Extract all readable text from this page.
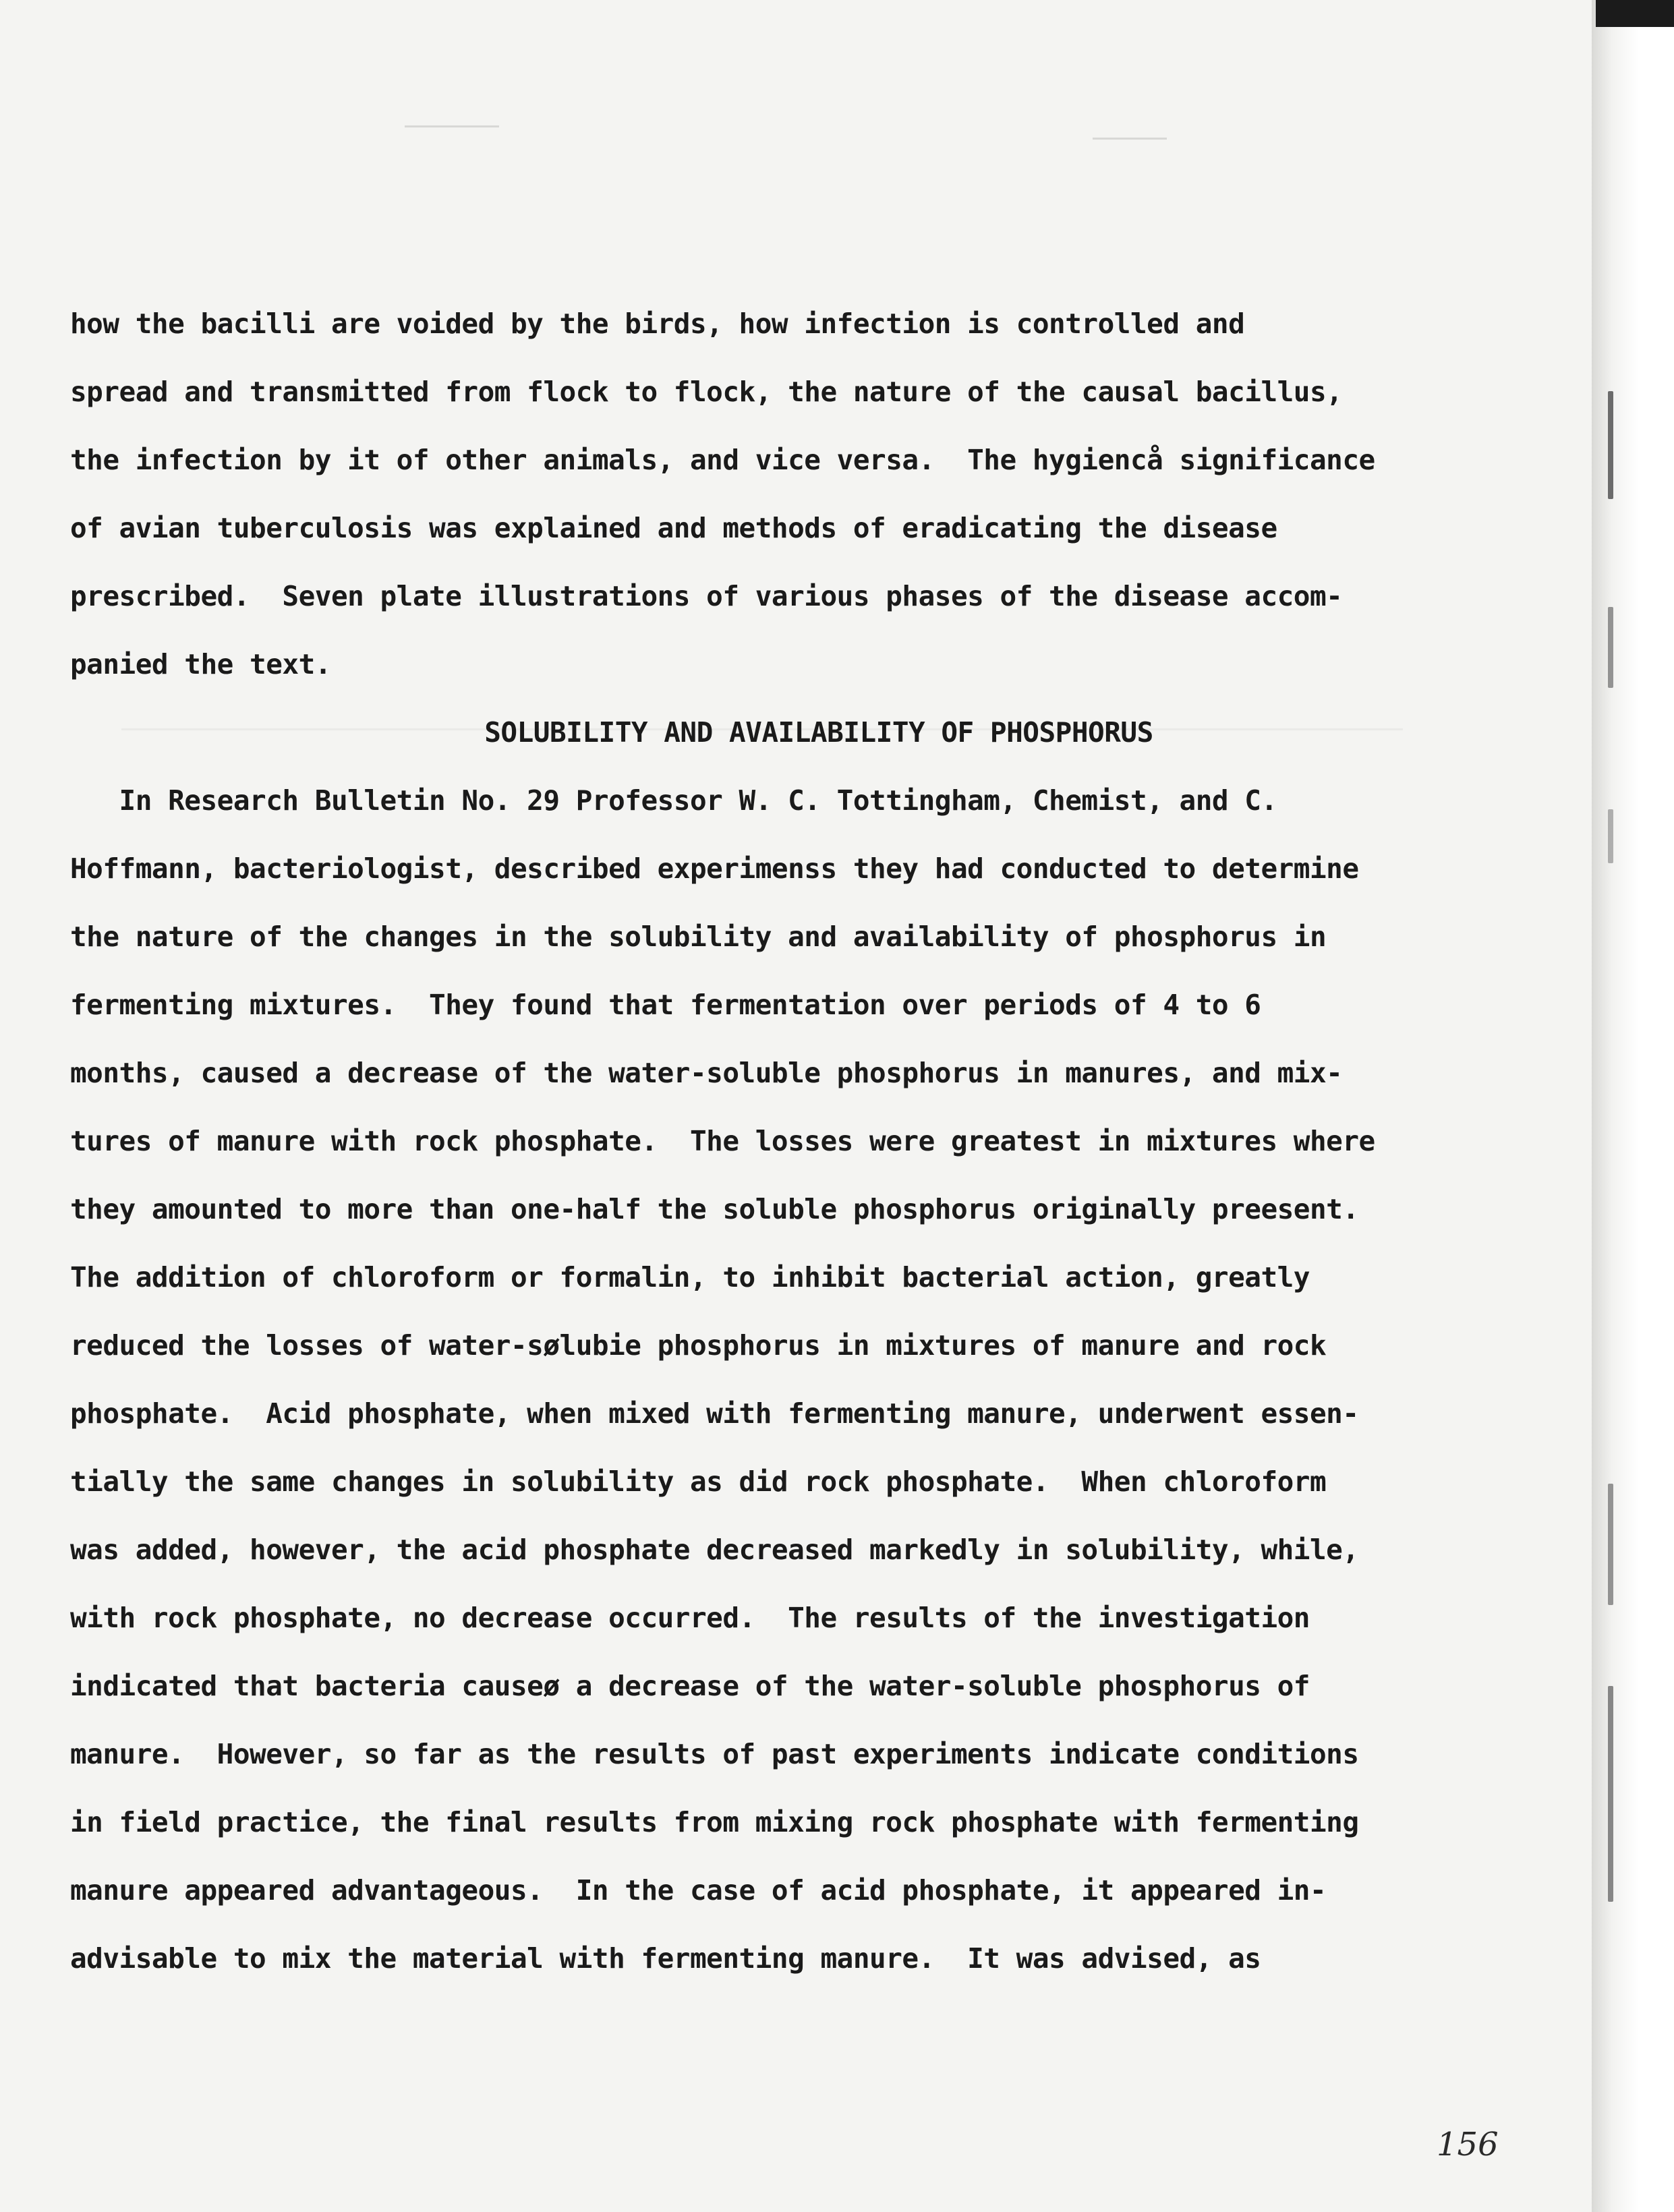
how the bacilli are voided by the birds, how infection is controlled and
spread and transmitted from flock to flock, the nature of the causal bacillus,
the infection by it of other animals, and vice versa.  The hygiencå significance
of avian tuberculosis was explained and methods of eradicating the disease
prescribed.  Seven plate illustrations of various phases of the disease accom-
panied the text.
SOLUBILITY AND AVAILABILITY OF PHOSPHORUS
In Research Bulletin No. 29 Professor W. C. Tottingham, Chemist, and C.
Hoffmann, bacteriologist, described experimenss they had conducted to determine
the nature of the changes in the solubility and availability of phosphorus in
fermenting mixtures.  They found that fermentation over periods of 4 to 6
months, caused a decrease of the water-soluble phosphorus in manures, and mix-
tures of manure with rock phosphate.  The losses were greatest in mixtures where
they amounted to more than one-half the soluble phosphorus originally preesent.
The addition of chloroform or formalin, to inhibit bacterial action, greatly
reduced the losses of water-sølubie phosphorus in mixtures of manure and rock
phosphate.  Acid phosphate, when mixed with fermenting manure, underwent essen-
tially the same changes in solubility as did rock phosphate.  When chloroform
was added, however, the acid phosphate decreased markedly in solubility, while,
with rock phosphate, no decrease occurred.  The results of the investigation
indicated that bacteria causeø a decrease of the water-soluble phosphorus of
manure.  However, so far as the results of past experiments indicate conditions
in field practice, the final results from mixing rock phosphate with fermenting
manure appeared advantageous.  In the case of acid phosphate, it appeared in-
advisable to mix the material with fermenting manure.  It was advised, as
156
